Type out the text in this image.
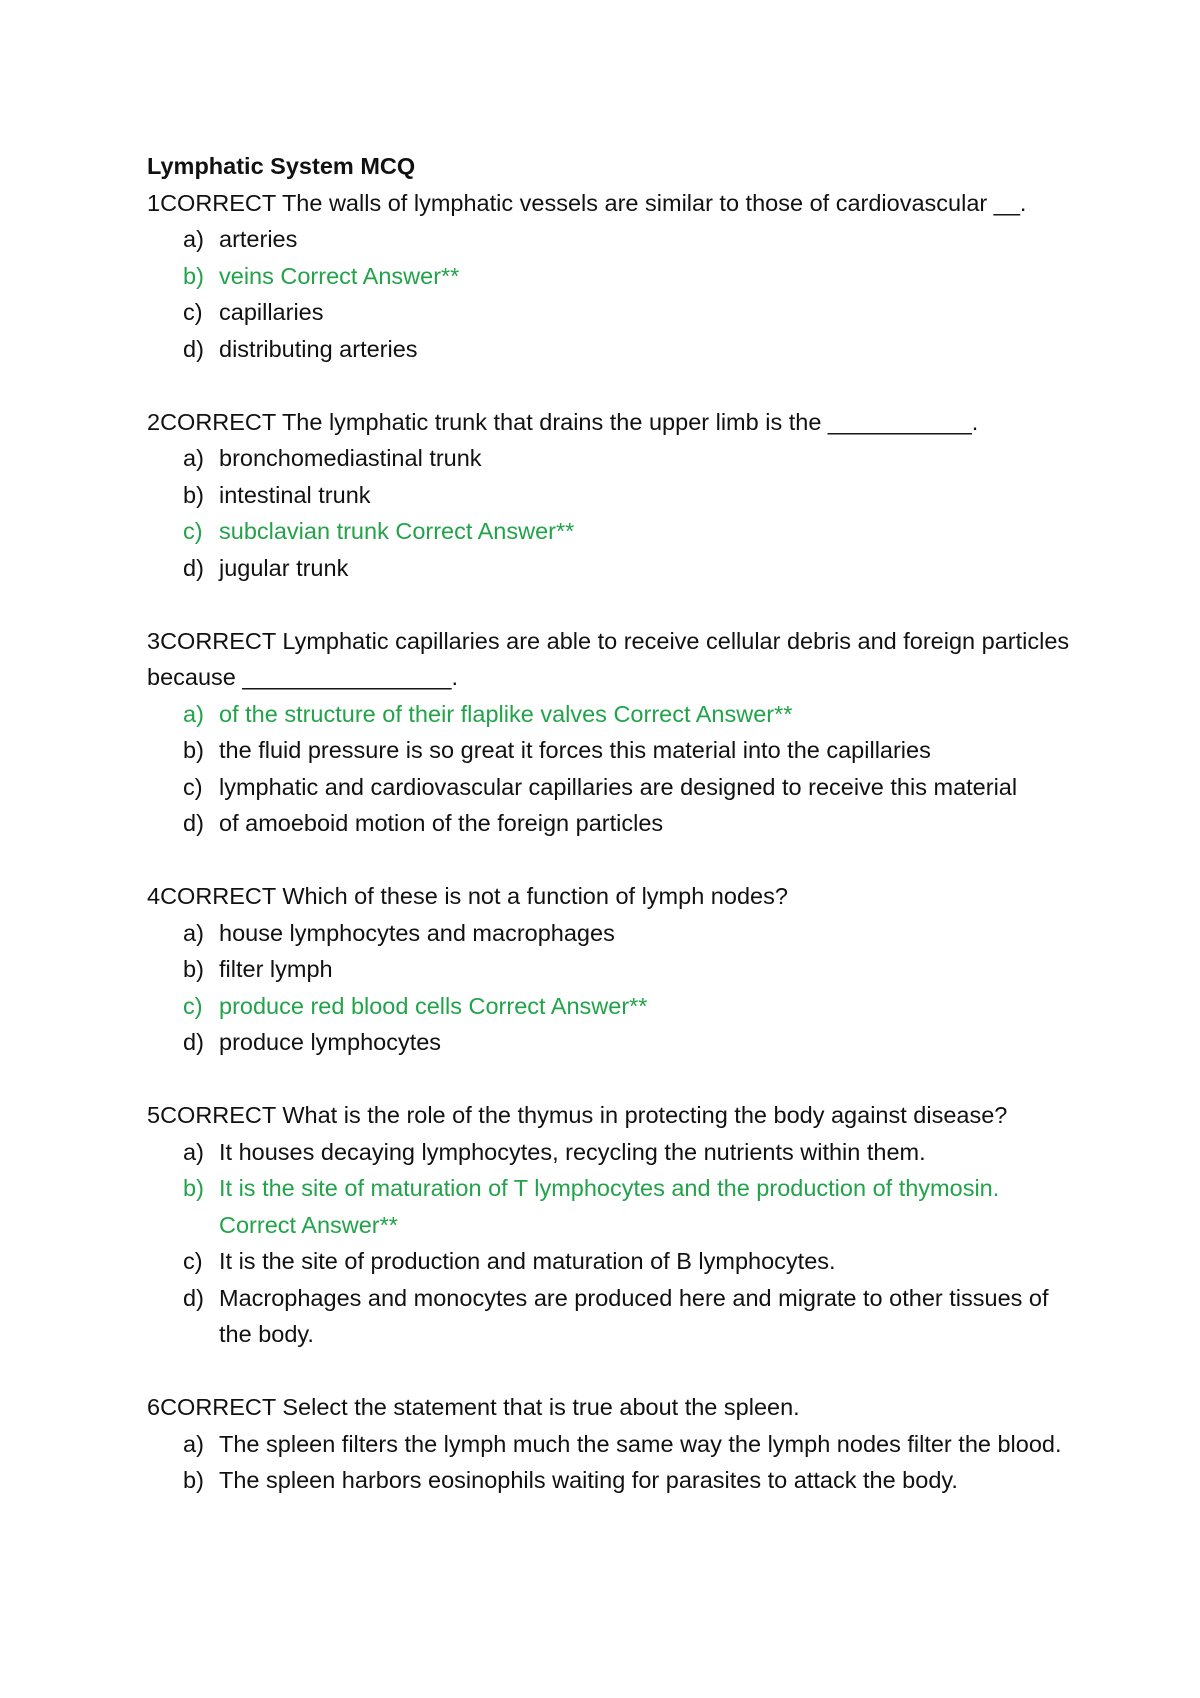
Lymphatic System MCQ

1CORRECT The walls of lymphatic vessels are similar to those of cardiovascular __.

a) arteries
b) veins Correct Answer**
c) capillaries
d) distributing arteries

2CORRECT The lymphatic trunk that drains the upper limb is the ___________.

a) bronchomediastinal trunk
b) intestinal trunk
c) subclavian trunk Correct Answer**
d) jugular trunk

3CORRECT Lymphatic capillaries are able to receive cellular debris and foreign particles because ________________.

a) of the structure of their flaplike valves Correct Answer**
b) the fluid pressure is so great it forces this material into the capillaries
c) lymphatic and cardiovascular capillaries are designed to receive this material
d) of amoeboid motion of the foreign particles

4CORRECT Which of these is not a function of lymph nodes?

a) house lymphocytes and macrophages
b) filter lymph
c) produce red blood cells Correct Answer**
d) produce lymphocytes

5CORRECT What is the role of the thymus in protecting the body against disease?

a) It houses decaying lymphocytes, recycling the nutrients within them.
b) It is the site of maturation of T lymphocytes and the production of thymosin. Correct Answer**
c) It is the site of production and maturation of B lymphocytes.
d) Macrophages and monocytes are produced here and migrate to other tissues of the body.

6CORRECT Select the statement that is true about the spleen.

a) The spleen filters the lymph much the same way the lymph nodes filter the blood.
b) The spleen harbors eosinophils waiting for parasites to attack the body.
